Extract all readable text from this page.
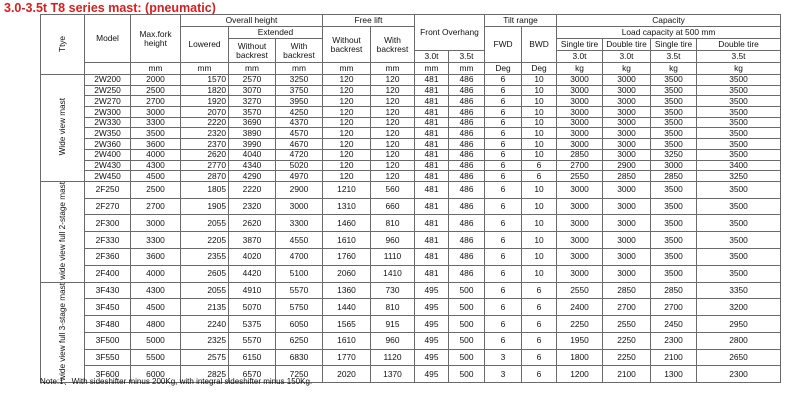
3.0-3.5t T8 series mast: (pneumatic)
Ttye	Model	Max.fork height	Overall height			Free lift		Front Overhang		Tilt range		Capacity			
			Lowered	Extended		Without backrest	With backrest			FWD	BWD	Load capacity at 500 mm			
				Without backrest	With backrest							Single tire	Double tire	Single tire	Double tire
								3.0t	3.5t			3.0t	3.0t	3.5t	3.5t
		mm	mm	mm	mm	mm	mm	mm	mm	Deg	Deg	kg	kg	kg	kg
Wide view mast	2W200	2000	1570	2570	3250	120	120	481	486	6	10	3000	3000	3500	3500
	2W250	2500	1820	3070	3750	120	120	481	486	6	10	3000	3000	3500	3500
	2W270	2700	1920	3270	3950	120	120	481	486	6	10	3000	3000	3500	3500
	2W300	3000	2070	3570	4250	120	120	481	486	6	10	3000	3000	3500	3500
	2W330	3300	2220	3690	4370	120	120	481	486	6	10	3000	3000	3500	3500
	2W350	3500	2320	3890	4570	120	120	481	486	6	10	3000	3000	3500	3500
	2W360	3600	2370	3990	4670	120	120	481	486	6	10	3000	3000	3500	3500
	2W400	4000	2620	4040	4720	120	120	481	486	6	10	2850	3000	3250	3500
	2W430	4300	2770	4340	5020	120	120	481	486	6	6	2700	2900	3000	3400
	2W450	4500	2870	4290	4970	120	120	481	486	6	6	2550	2850	2850	3250
wide view full 2-stage mast	2F250	2500	1805	2220	2900	1210	560	481	486	6	10	3000	3000	3500	3500
	2F270	2700	1905	2320	3000	1310	660	481	486	6	10	3000	3000	3500	3500
	2F300	3000	2055	2620	3300	1460	810	481	486	6	10	3000	3000	3500	3500
	2F330	3300	2205	3870	4550	1610	960	481	486	6	10	3000	3000	3500	3500
	2F360	3600	2355	4020	4700	1760	1110	481	486	6	10	3000	3000	3500	3500
	2F400	4000	2605	4420	5100	2060	1410	481	486	6	10	3000	3000	3500	3500
wide view full 3-stage mast	3F430	4300	2055	4910	5570	1360	730	495	500	6	6	2550	2850	2850	3350
	3F450	4500	2135	5070	5750	1440	810	495	500	6	6	2400	2700	2700	3200
	3F480	4800	2240	5375	6050	1565	915	495	500	6	6	2250	2550	2450	2950
	3F500	5000	2325	5570	6250	1610	960	495	500	6	6	1950	2250	2300	2800
	3F550	5500	2575	6150	6830	1770	1120	495	500	3	6	1800	2250	2100	2650
	3F600	6000	2825	6570	7250	2020	1370	495	500	3	6	1200	2100	1300	2300
Note:1、With sideshifter minus 200Kg, with integral sideshifter minus 150Kg.
